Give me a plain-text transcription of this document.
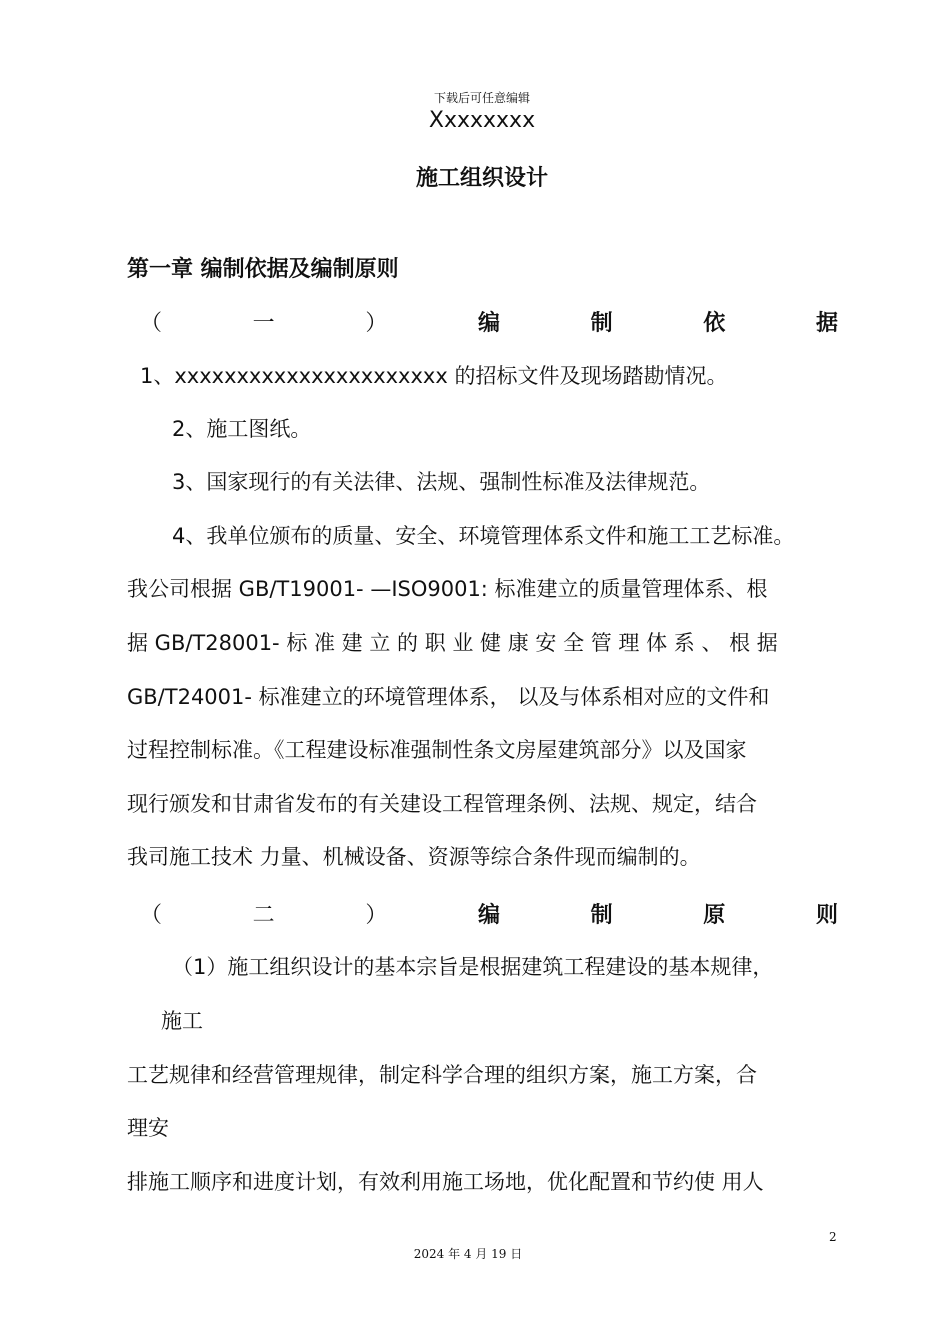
下载后可任意编辑
Xxxxxxxx
施工组织设计
第一章 编制依据及编制原则
（	一	）	编	制	依	据
1、xxxxxxxxxxxxxxxxxxxxxx 的招标文件及现场踏勘情况。
2、施工图纸。
3、国家现行的有关法律、法规、强制性标准及法律规范。
4、我单位颁布的质量、安全、环境管理体系文件和施工工艺标准。
我公司根据 GB/T19001- —ISO9001: 标准建立的质量管理体系、根
据 GB/T28001- 标 准 建 立 的 职 业 健 康 安 全 管 理 体 系 、 根 据
GB/T24001- 标准建立的环境管理体系， 以及与体系相对应的文件和
过程控制标准。《工程建设标准强制性条文房屋建筑部分》以及国家
现行颁发和甘肃省发布的有关建设工程管理条例、法规、规定，结合
我司施工技术 力量、机械设备、资源等综合条件现而编制的。
（	二	）	编	制	原	则
（1）施工组织设计的基本宗旨是根据建筑工程建设的基本规律，
施工
工艺规律和经营管理规律，制定科学合理的组织方案，施工方案，合
理安
排施工顺序和进度计划，有效利用施工场地，优化配置和节约使 用人
2
2024 年 4 月 19 日
